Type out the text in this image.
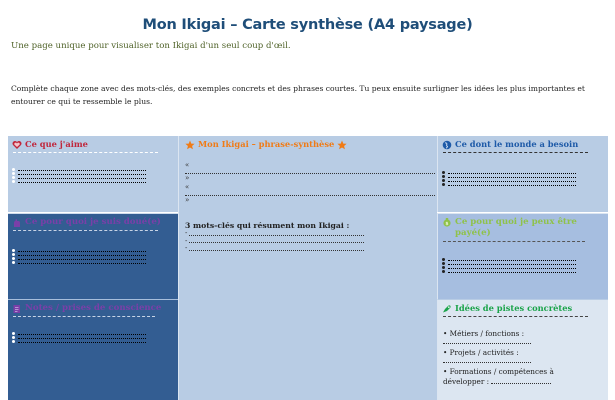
Mon Ikigai – Carte synthèse (A4 paysage)
Une page unique pour visualiser ton Ikigai d'un seul coup d'œil.
Complète chaque zone avec des mots-clés, des exemples concrets et des phrases courtes. Tu peux ensuite surligner les idées les plus importantes et entourer ce qui te ressemble le plus.
Ce que j'aime
Ce pour quoi je suis doué(e)
Notes / prises de conscience
Mon Ikigai – phrase-synthèse
«
»
«
»
3 mots-clés qui résument mon Ikigai :
-
-
-
Ce dont le monde a besoin
$ Ce pour quoi je peux être payé(e)
Idées de pistes concrètes
• Métiers / fonctions :
• Projets / activités :
• Formations / compétences à
développer :
